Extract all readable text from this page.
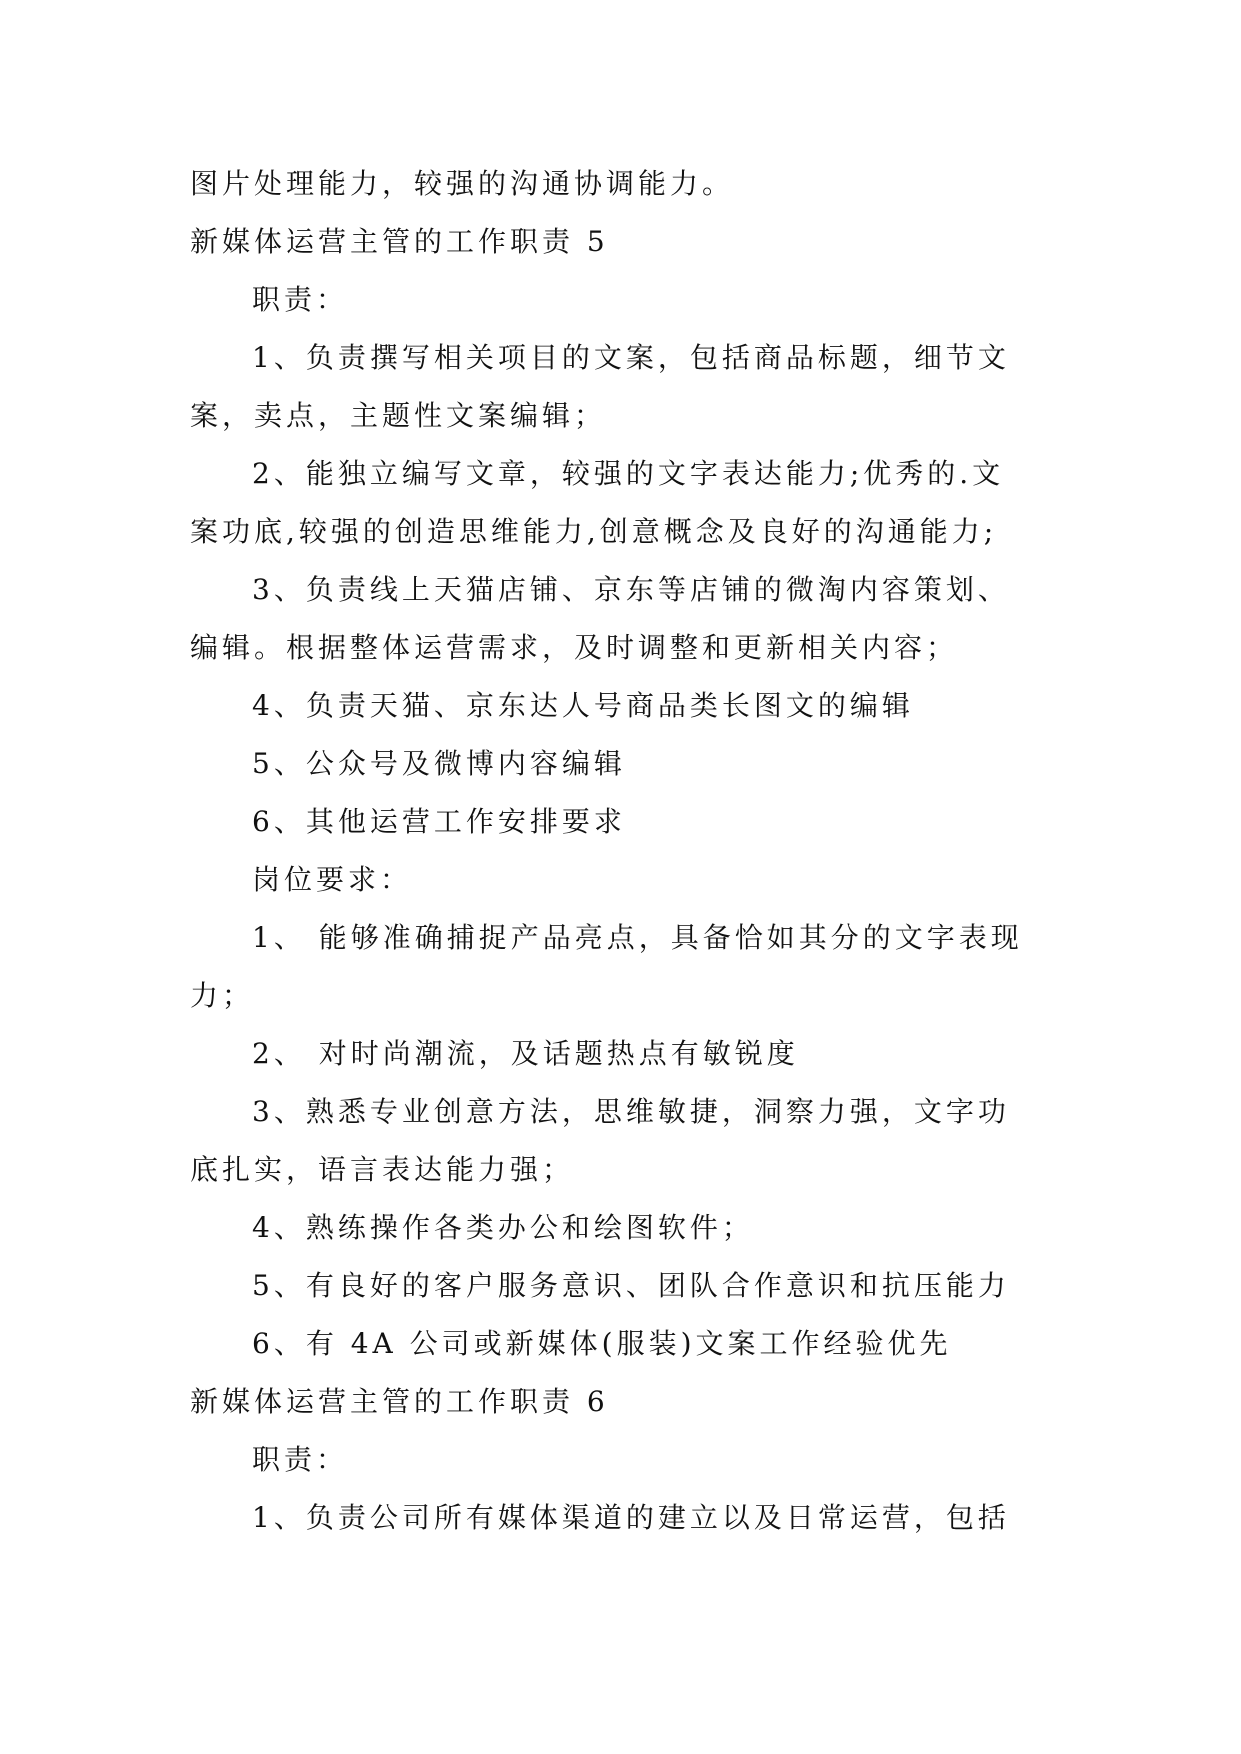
图片处理能力，较强的沟通协调能力。

新媒体运营主管的工作职责 5

职责：

1、负责撰写相关项目的文案，包括商品标题，细节文

案，卖点，主题性文案编辑；

2、能独立编写文章，较强的文字表达能力;优秀的.文

案功底,较强的创造思维能力,创意概念及良好的沟通能力;

3、负责线上天猫店铺、京东等店铺的微淘内容策划、

编辑。根据整体运营需求，及时调整和更新相关内容；

4、负责天猫、京东达人号商品类长图文的编辑

5、公众号及微博内容编辑

6、其他运营工作安排要求

岗位要求：

1、 能够准确捕捉产品亮点，具备恰如其分的文字表现

力；

2、 对时尚潮流，及话题热点有敏锐度

3、熟悉专业创意方法，思维敏捷，洞察力强，文字功

底扎实，语言表达能力强；

4、熟练操作各类办公和绘图软件；

5、有良好的客户服务意识、团队合作意识和抗压能力

6、有 4A 公司或新媒体(服装)文案工作经验优先

新媒体运营主管的工作职责 6

职责：

1、负责公司所有媒体渠道的建立以及日常运营，包括
